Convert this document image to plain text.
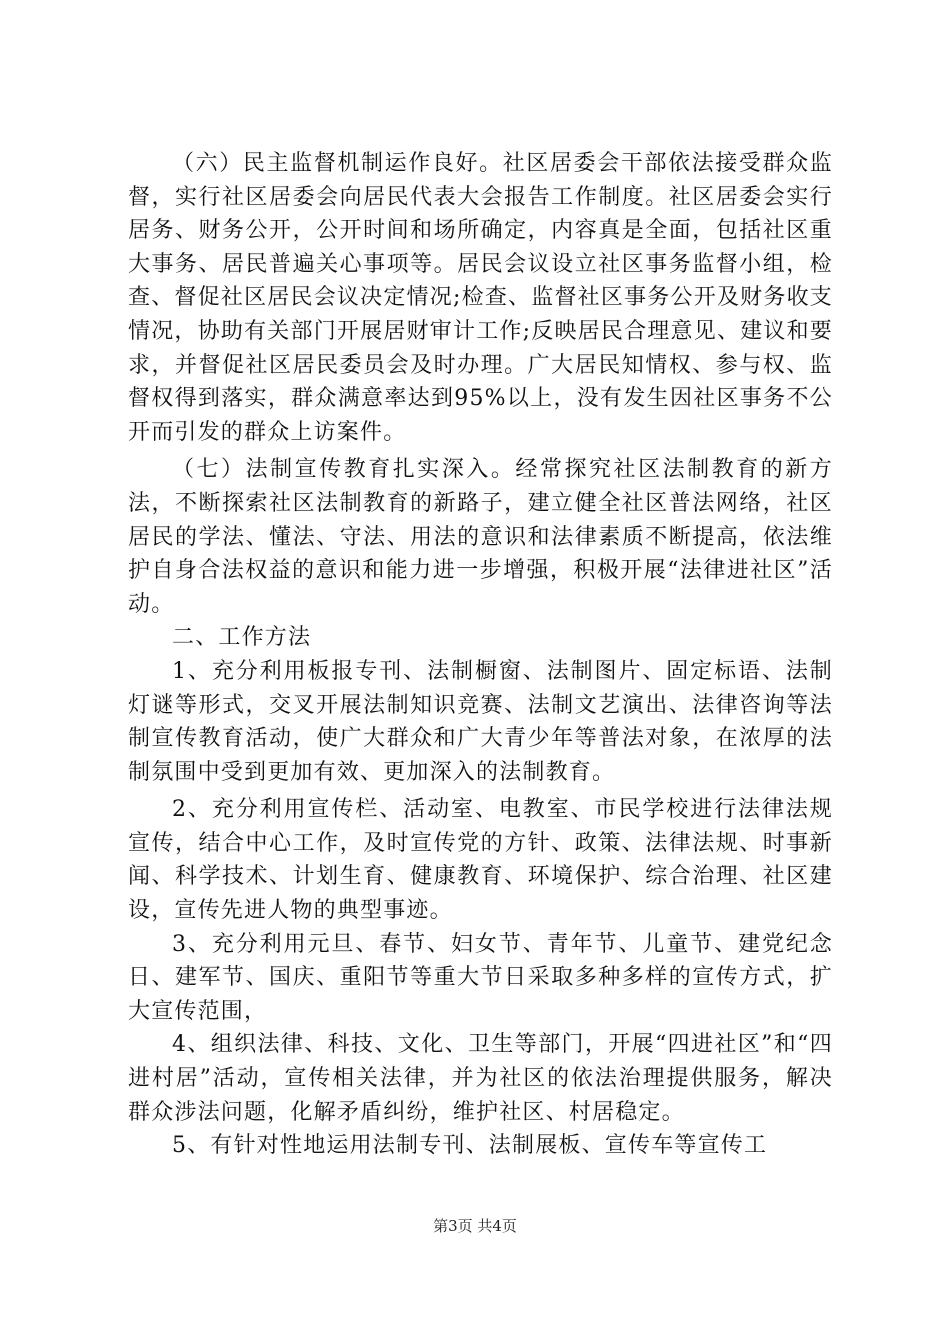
（六）民主监督机制运作良好。社区居委会干部依法接受群众监督，实行社区居委会向居民代表大会报告工作制度。社区居委会实行居务、财务公开，公开时间和场所确定，内容真是全面，包括社区重大事务、居民普遍关心事项等。居民会议设立社区事务监督小组，检查、督促社区居民会议决定情况;检查、监督社区事务公开及财务收支情况，协助有关部门开展居财审计工作;反映居民合理意见、建议和要求，并督促社区居民委员会及时办理。广大居民知情权、参与权、监督权得到落实，群众满意率达到95%以上，没有发生因社区事务不公开而引发的群众上访案件。

（七）法制宣传教育扎实深入。经常探究社区法制教育的新方法，不断探索社区法制教育的新路子，建立健全社区普法网络，社区居民的学法、懂法、守法、用法的意识和法律素质不断提高，依法维护自身合法权益的意识和能力进一步增强，积极开展“法律进社区”活动。

二、工作方法

1、充分利用板报专刊、法制橱窗、法制图片、固定标语、法制灯谜等形式，交叉开展法制知识竞赛、法制文艺演出、法律咨询等法制宣传教育活动，使广大群众和广大青少年等普法对象，在浓厚的法制氛围中受到更加有效、更加深入的法制教育。

2、充分利用宣传栏、活动室、电教室、市民学校进行法律法规宣传，结合中心工作，及时宣传党的方针、政策、法律法规、时事新闻、科学技术、计划生育、健康教育、环境保护、综合治理、社区建设，宣传先进人物的典型事迹。

3、充分利用元旦、春节、妇女节、青年节、儿童节、建党纪念日、建军节、国庆、重阳节等重大节日采取多种多样的宣传方式，扩大宣传范围，

4、组织法律、科技、文化、卫生等部门，开展“四进社区”和“四进村居”活动，宣传相关法律，并为社区的依法治理提供服务，解决群众涉法问题，化解矛盾纠纷，维护社区、村居稳定。

5、有针对性地运用法制专刊、法制展板、宣传车等宣传工

第3页 共4页
